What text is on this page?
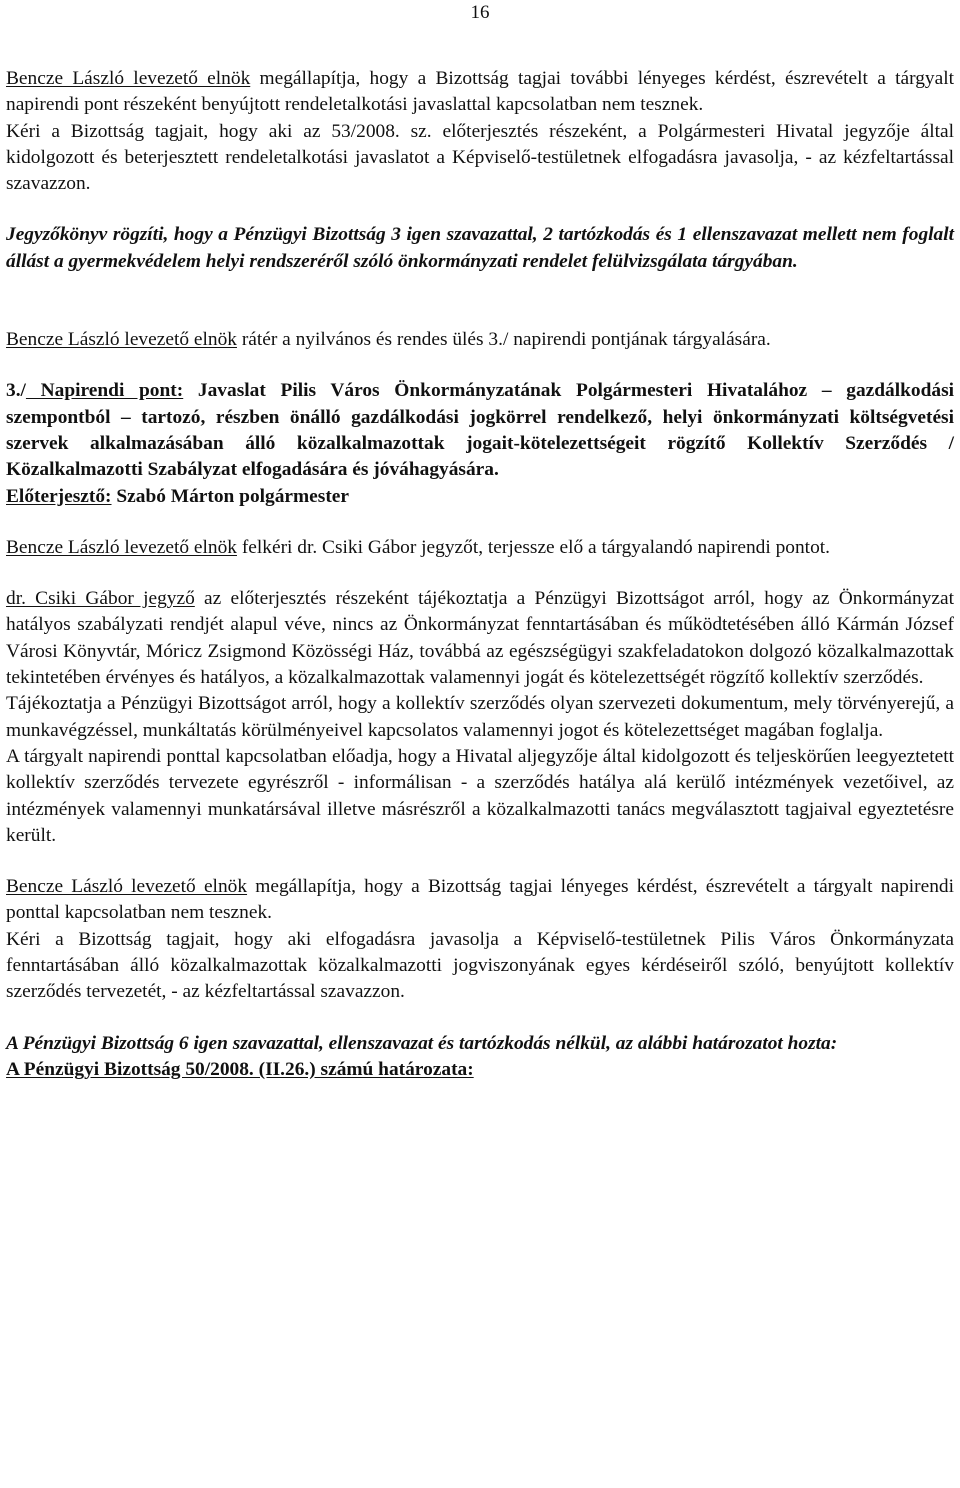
16

Bencze László levezető elnök megállapítja, hogy a Bizottság tagjai további lényeges kérdést, észrevételt a tárgyalt napirendi pont részeként benyújtott rendeletalkotási javaslattal kapcsolatban nem tesznek.

Kéri a Bizottság tagjait, hogy aki az 53/2008. sz. előterjesztés részeként, a Polgármesteri Hivatal jegyzője által kidolgozott és beterjesztett rendeletalkotási javaslatot a Képviselő-testületnek elfogadásra javasolja, - az kézfeltartással szavazzon.

Jegyzőkönyv rögzíti, hogy a Pénzügyi Bizottság 3 igen szavazattal, 2 tartózkodás és 1 ellenszavazat mellett nem foglalt állást a gyermekvédelem helyi rendszeréről szóló önkormányzati rendelet felülvizsgálata tárgyában.

Bencze László levezető elnök rátér a nyilvános és rendes ülés 3./ napirendi pontjának tárgyalására.

3./ Napirendi pont: Javaslat Pilis Város Önkormányzatának Polgármesteri Hivatalához – gazdálkodási szempontból – tartozó, részben önálló gazdálkodási jogkörrel rendelkező, helyi önkormányzati költségvetési szervek alkalmazásában álló közalkalmazottak jogait-kötelezettségeit rögzítő Kollektív Szerződés / Közalkalmazotti Szabályzat elfogadására és jóváhagyására.

Előterjesztő: Szabó Márton polgármester

Bencze László levezető elnök felkéri dr. Csiki Gábor jegyzőt, terjessze elő a tárgyalandó napirendi pontot.

dr. Csiki Gábor jegyző az előterjesztés részeként tájékoztatja a Pénzügyi Bizottságot arról, hogy az Önkormányzat hatályos szabályzati rendjét alapul véve, nincs az Önkormányzat fenntartásában és működtetésében álló Kármán József Városi Könyvtár, Móricz Zsigmond Közösségi Ház, továbbá az egészségügyi szakfeladatokon dolgozó közalkalmazottak tekintetében érvényes és hatályos, a közalkalmazottak valamennyi jogát és kötelezettségét rögzítő kollektív szerződés.

Tájékoztatja a Pénzügyi Bizottságot arról, hogy a kollektív szerződés olyan szervezeti dokumentum, mely törvényerejű, a munkavégzéssel, munkáltatás körülményeivel kapcsolatos valamennyi jogot és kötelezettséget magában foglalja.

A tárgyalt napirendi ponttal kapcsolatban előadja, hogy a Hivatal aljegyzője által kidolgozott és teljeskörűen leegyeztetett kollektív szerződés tervezete egyrészről - informálisan - a szerződés hatálya alá kerülő intézmények vezetőivel, az intézmények valamennyi munkatársával illetve másrészről a közalkalmazotti tanács megválasztott tagjaival egyeztetésre került.

Bencze László levezető elnök megállapítja, hogy a Bizottság tagjai lényeges kérdést, észrevételt a tárgyalt napirendi ponttal kapcsolatban nem tesznek.

Kéri a Bizottság tagjait, hogy aki elfogadásra javasolja a Képviselő-testületnek Pilis Város Önkormányzata fenntartásában álló közalkalmazottak közalkalmazotti jogviszonyának egyes kérdéseiről szóló, benyújtott kollektív szerződés tervezetét, - az kézfeltartással szavazzon.

A Pénzügyi Bizottság 6 igen szavazattal, ellenszavazat és tartózkodás nélkül, az alábbi határozatot hozta:

A Pénzügyi Bizottság 50/2008. (II.26.) számú határozata:
